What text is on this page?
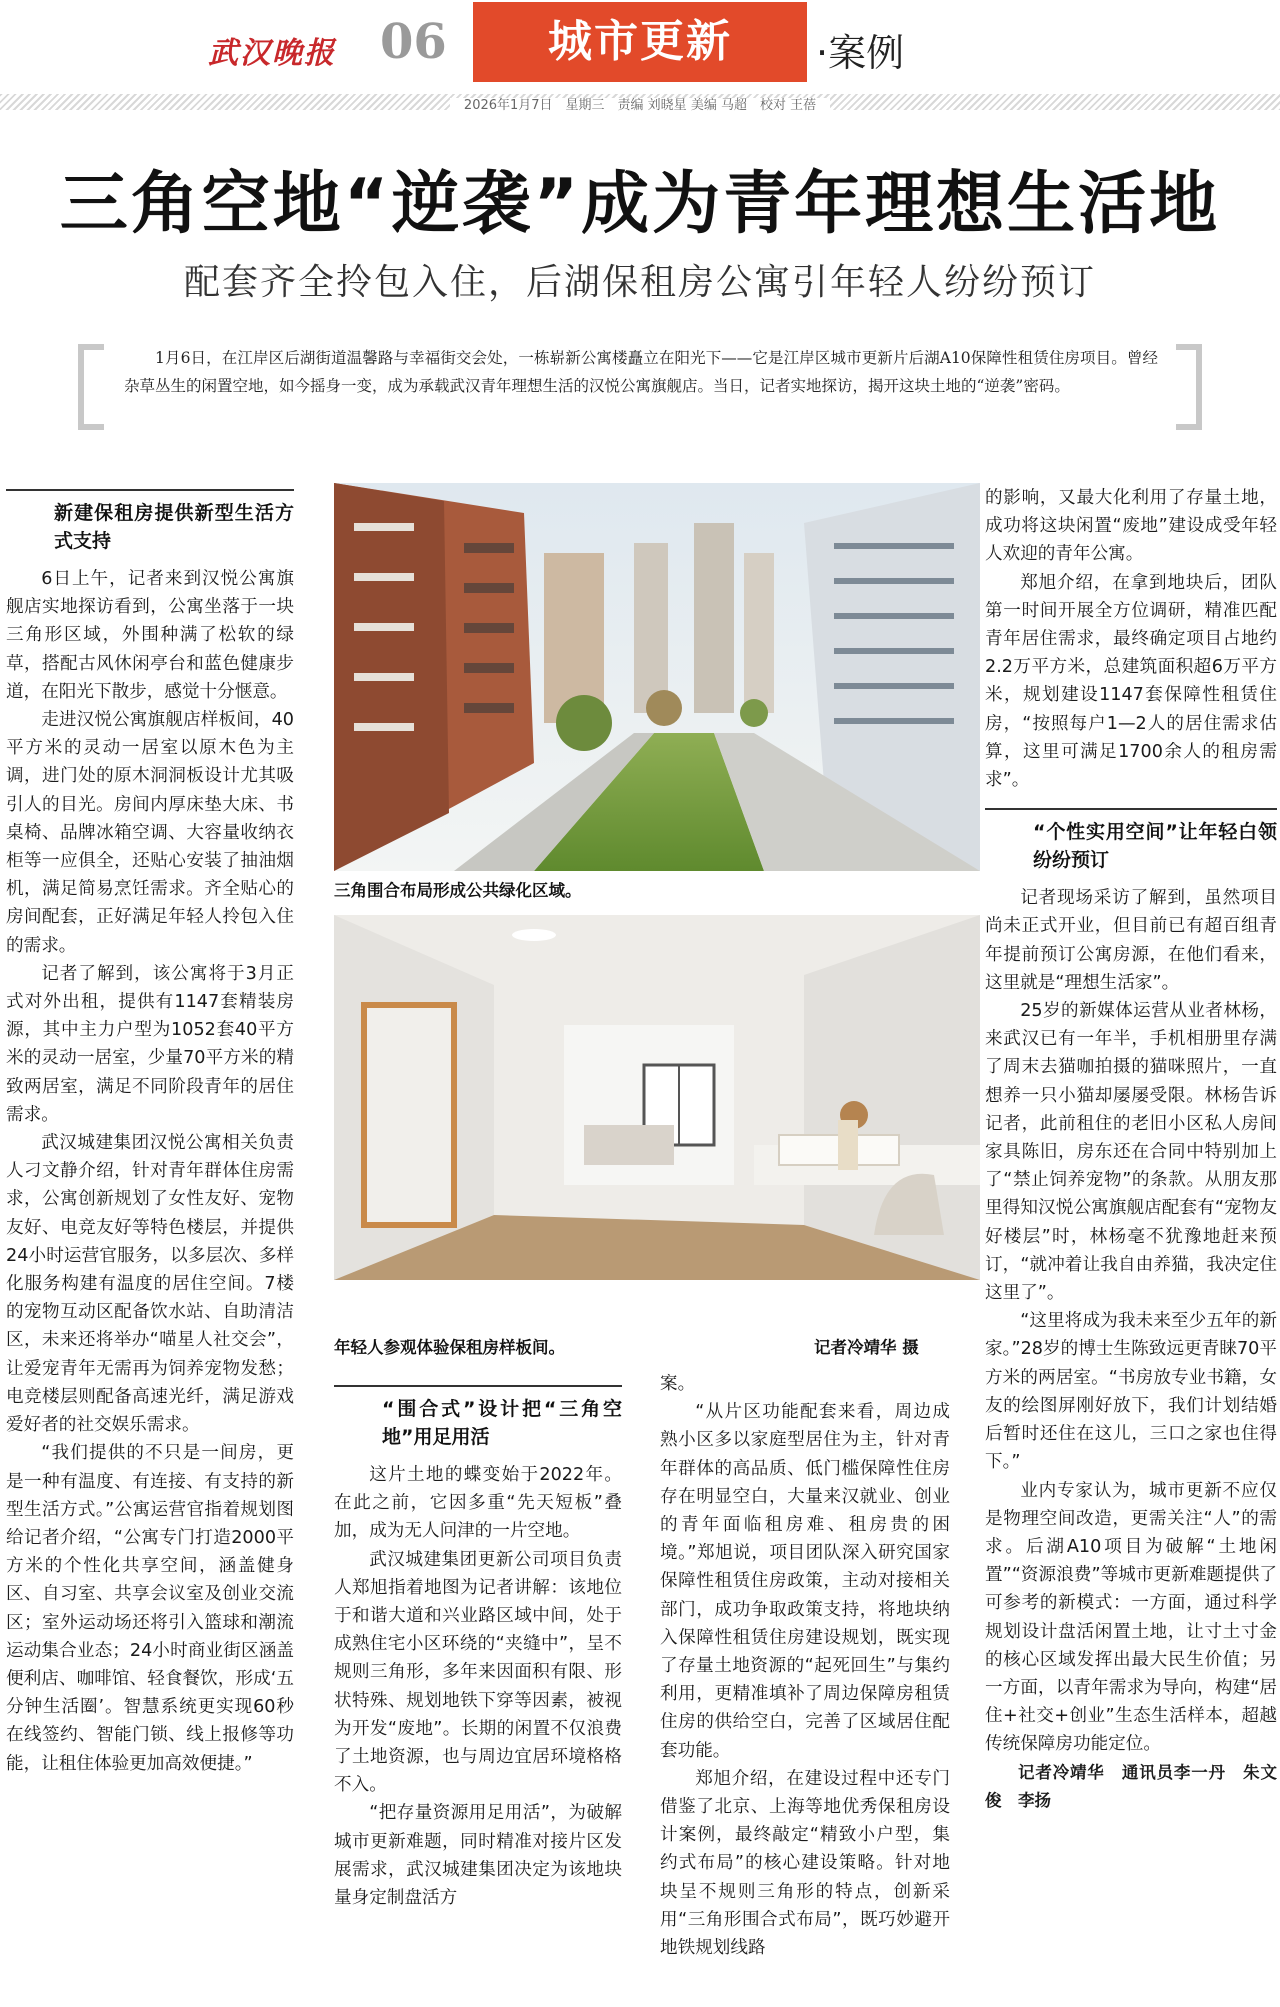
武汉晚报 06	城市更新	·案例
2026年1月7日　星期三　责编 刘晓星 美编 马超　校对 王蓓
三角空地“逆袭”成为青年理想生活地
配套齐全拎包入住，后湖保租房公寓引年轻人纷纷预订
1月6日，在江岸区后湖街道温馨路与幸福街交会处，一栋崭新公寓楼矗立在阳光下——它是江岸区城市更新片后湖A10保障性租赁住房项目。曾经杂草丛生的闲置空地，如今摇身一变，成为承载武汉青年理想生活的汉悦公寓旗舰店。当日，记者实地探访，揭开这块土地的“逆袭”密码。
新建保租房提供新型生活方式支持

6日上午，记者来到汉悦公寓旗舰店实地探访看到，公寓坐落于一块三角形区域，外围种满了松软的绿草，搭配古风休闲亭台和蓝色健康步道，在阳光下散步，感觉十分惬意。

走进汉悦公寓旗舰店样板间，40平方米的灵动一居室以原木色为主调，进门处的原木洞洞板设计尤其吸引人的目光。房间内厚床垫大床、书桌椅、品牌冰箱空调、大容量收纳衣柜等一应俱全，还贴心安装了抽油烟机，满足简易烹饪需求。齐全贴心的房间配套，正好满足年轻人拎包入住的需求。

记者了解到，该公寓将于3月正式对外出租，提供有1147套精装房源，其中主力户型为1052套40平方米的灵动一居室，少量70平方米的精致两居室，满足不同阶段青年的居住需求。

武汉城建集团汉悦公寓相关负责人刁文静介绍，针对青年群体住房需求，公寓创新规划了女性友好、宠物友好、电竞友好等特色楼层，并提供24小时运营官服务，以多层次、多样化服务构建有温度的居住空间。7楼的宠物互动区配备饮水站、自助清洁区，未来还将举办“喵星人社交会”，让爱宠青年无需再为饲养宠物发愁；电竞楼层则配备高速光纤，满足游戏爱好者的社交娱乐需求。

“我们提供的不只是一间房，更是一种有温度、有连接、有支持的新型生活方式。”公寓运营官指着规划图给记者介绍，“公寓专门打造2000平方米的个性化共享空间，涵盖健身区、自习室、共享会议室及创业交流区；室外运动场还将引入篮球和潮流运动集合业态；24小时商业街区涵盖便利店、咖啡馆、轻食餐饮，形成‘五分钟生活圈’。智慧系统更实现60秒在线签约、智能门锁、线上报修等功能，让租住体验更加高效便捷。”

三角围合布局形成公共绿化区域。
年轻人参观体验保租房样板间。	记者冷靖华 摄
“围合式”设计把“三角空地”用足用活

这片土地的蝶变始于2022年。在此之前，它因多重“先天短板”叠加，成为无人问津的一片空地。

武汉城建集团更新公司项目负责人郑旭指着地图为记者讲解：该地位于和谐大道和兴业路区域中间，处于成熟住宅小区环绕的“夹缝中”，呈不规则三角形，多年来因面积有限、形状特殊、规划地铁下穿等因素，被视为开发“废地”。长期的闲置不仅浪费了土地资源，也与周边宜居环境格格不入。

“把存量资源用足用活”，为破解城市更新难题，同时精准对接片区发展需求，武汉城建集团决定为该地块量身定制盘活方

案。

“从片区功能配套来看，周边成熟小区多以家庭型居住为主，针对青年群体的高品质、低门槛保障性住房存在明显空白，大量来汉就业、创业的青年面临租房难、租房贵的困境。”郑旭说，项目团队深入研究国家保障性租赁住房政策，主动对接相关部门，成功争取政策支持，将地块纳入保障性租赁住房建设规划，既实现了存量土地资源的“起死回生”与集约利用，更精准填补了周边保障房租赁住房的供给空白，完善了区域居住配套功能。

郑旭介绍，在建设过程中还专门借鉴了北京、上海等地优秀保租房设计案例，最终敲定“精致小户型，集约式布局”的核心建设策略。针对地块呈不规则三角形的特点，创新采用“三角形围合式布局”，既巧妙避开地铁规划线路

的影响，又最大化利用了存量土地，成功将这块闲置“废地”建设成受年轻人欢迎的青年公寓。

郑旭介绍，在拿到地块后，团队第一时间开展全方位调研，精准匹配青年居住需求，最终确定项目占地约2.2万平方米，总建筑面积超6万平方米，规划建设1147套保障性租赁住房，“按照每户1—2人的居住需求估算，这里可满足1700余人的租房需求”。

“个性实用空间”让年轻白领纷纷预订

记者现场采访了解到，虽然项目尚未正式开业，但目前已有超百组青年提前预订公寓房源，在他们看来，这里就是“理想生活家”。

25岁的新媒体运营从业者林杨，来武汉已有一年半，手机相册里存满了周末去猫咖拍摄的猫咪照片，一直想养一只小猫却屡屡受限。林杨告诉记者，此前租住的老旧小区私人房间家具陈旧，房东还在合同中特别加上了“禁止饲养宠物”的条款。从朋友那里得知汉悦公寓旗舰店配套有“宠物友好楼层”时，林杨毫不犹豫地赶来预订，“就冲着让我自由养猫，我决定住这里了”。

“这里将成为我未来至少五年的新家。”28岁的博士生陈致远更青睐70平方米的两居室。“书房放专业书籍，女友的绘图屏刚好放下，我们计划结婚后暂时还住在这儿，三口之家也住得下。”

业内专家认为，城市更新不应仅是物理空间改造，更需关注“人”的需求。后湖A10项目为破解“土地闲置”“资源浪费”等城市更新难题提供了可参考的新模式：一方面，通过科学规划设计盘活闲置土地，让寸土寸金的核心区域发挥出最大民生价值；另一方面，以青年需求为导向，构建“居住+社交+创业”生态生活样本，超越传统保障房功能定位。

记者冷靖华　通讯员李一丹　朱文俊　李扬
